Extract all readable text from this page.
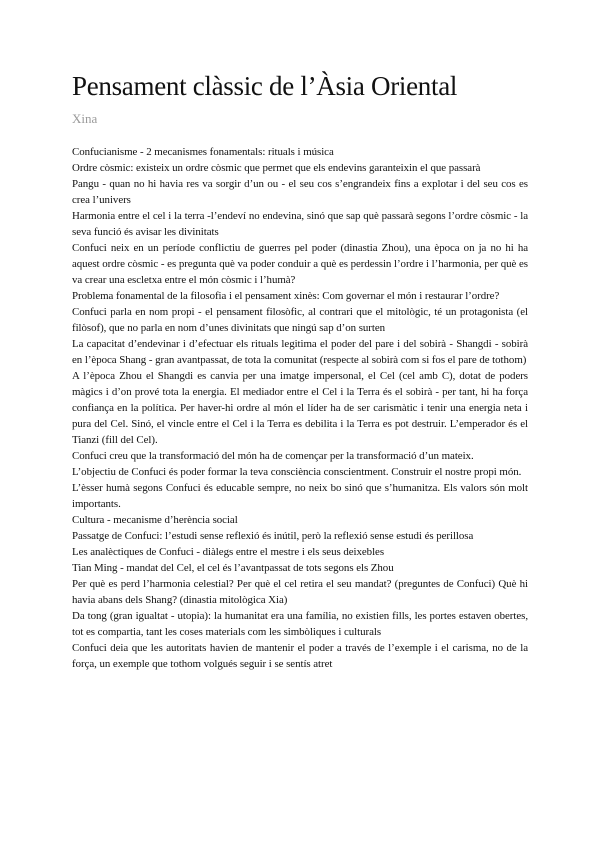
Pensament clàssic de l’Àsia Oriental
Xina

Confucianisme - 2 mecanismes fonamentals: rituals i música

Ordre còsmic: existeix un ordre còsmic que permet que els endevins garanteixin el que passarà

Pangu - quan no hi havia res va sorgir d’un ou - el seu cos s’engrandeix fins a explotar i del seu cos es crea l’univers

Harmonia entre el cel i la terra -l’endeví no endevina, sinó que sap què passarà segons l’ordre còsmic - la seva funció és avisar les divinitats

Confuci neix en un període conflictiu de guerres pel poder (dinastia Zhou), una època on ja no hi ha aquest ordre còsmic - es pregunta què va poder conduir a què es perdessin l’ordre i l’harmonia, per què es va crear una escletxa entre el món còsmic i l’humà?

Problema fonamental de la filosofia i el pensament xinès: Com governar el món i restaurar l’ordre?

Confuci parla en nom propi - el pensament filosòfic, al contrari que el mitològic, té un protagonista (el filòsof), que no parla en nom d’unes divinitats que ningú sap d’on surten

La capacitat d’endevinar i d’efectuar els rituals legitima el poder del pare i del sobirà - Shangdi - sobirà en l’època Shang - gran avantpassat, de tota la comunitat (respecte al sobirà com si fos el pare de tothom)

A l’època Zhou el Shangdi es canvia per una imatge impersonal, el Cel (cel amb C), dotat de poders màgics i d’on prové tota la energia. El mediador entre el Cel i la Terra és el sobirà - per tant, hi ha força confiança en la política. Per haver-hi ordre al món el líder ha de ser carismàtic i tenir una energia neta i pura del Cel. Sinó, el vincle entre el Cel i la Terra es debilita i la Terra es pot destruir. L’emperador és el Tianzi (fill del Cel).

Confuci creu que la transformació del món ha de començar per la transformació d’un mateix.

L’objectiu de Confuci és poder formar la teva consciència conscientment. Construir el nostre propi món.

L’èsser humà segons Confuci és educable sempre, no neix bo sinó que s’humanitza. Els valors són molt importants.

Cultura - mecanisme d’herència social

Passatge de Confuci: l’estudi sense reflexió és inútil, però la reflexió sense estudi és perillosa

Les analèctiques de Confuci - diàlegs entre el mestre i els seus deixebles

Tian Ming - mandat del Cel, el cel és l’avantpassat de tots segons els Zhou

Per què es perd l’harmonia celestial? Per què el cel retira el seu mandat? (preguntes de Confuci) Què hi havia abans dels Shang? (dinastia mitològica Xia)

Da tong (gran igualtat - utopia): la humanitat era una família, no existien fills, les portes estaven obertes, tot es compartia, tant les coses materials com les simbòliques i culturals

Confuci deia que les autoritats havien de mantenir el poder a través de l’exemple i el carisma, no de la força, un exemple que tothom volgués seguir i se sentís atret
